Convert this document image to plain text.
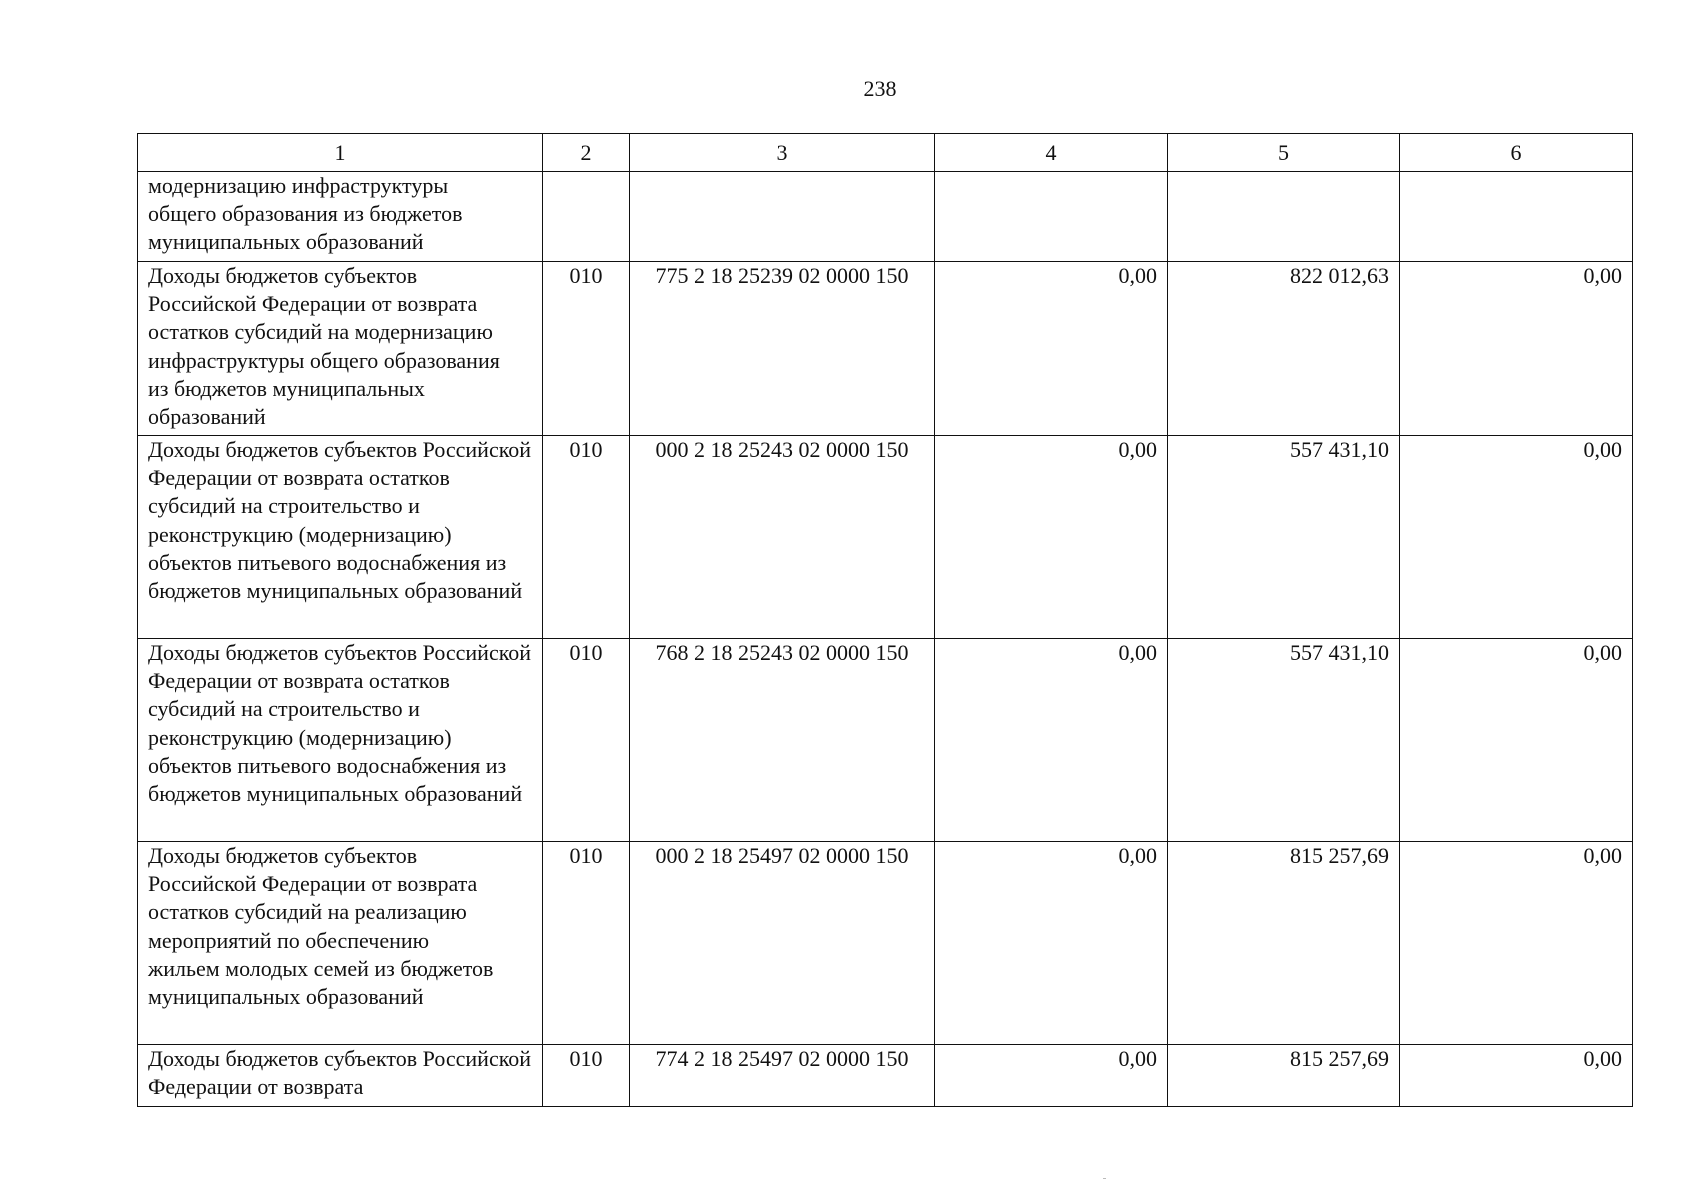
238
1	2	3	4	5	6
модернизацию инфраструктуры общего образования из бюджетов муниципальных образований					
Доходы бюджетов субъектов Российской Федерации от возврата остатков субсидий на модернизацию инфраструктуры общего образования из бюджетов муниципальных образований	010	775 2 18 25239 02 0000 150	0,00	822 012,63	0,00
Доходы бюджетов субъектов Российской Федерации от возврата остатков субсидий на строительство и реконструкцию (модернизацию) объектов питьевого водоснабжения из бюджетов муниципальных образований	010	000 2 18 25243 02 0000 150	0,00	557 431,10	0,00
Доходы бюджетов субъектов Российской Федерации от возврата остатков субсидий на строительство и реконструкцию (модернизацию) объектов питьевого водоснабжения из бюджетов муниципальных образований	010	768 2 18 25243 02 0000 150	0,00	557 431,10	0,00
Доходы бюджетов субъектов Российской Федерации от возврата остатков субсидий на реализацию мероприятий по обеспечению жильем молодых семей из бюджетов муниципальных образований	010	000 2 18 25497 02 0000 150	0,00	815 257,69	0,00
Доходы бюджетов субъектов Российской Федерации от возврата	010	774 2 18 25497 02 0000 150	0,00	815 257,69	0,00
